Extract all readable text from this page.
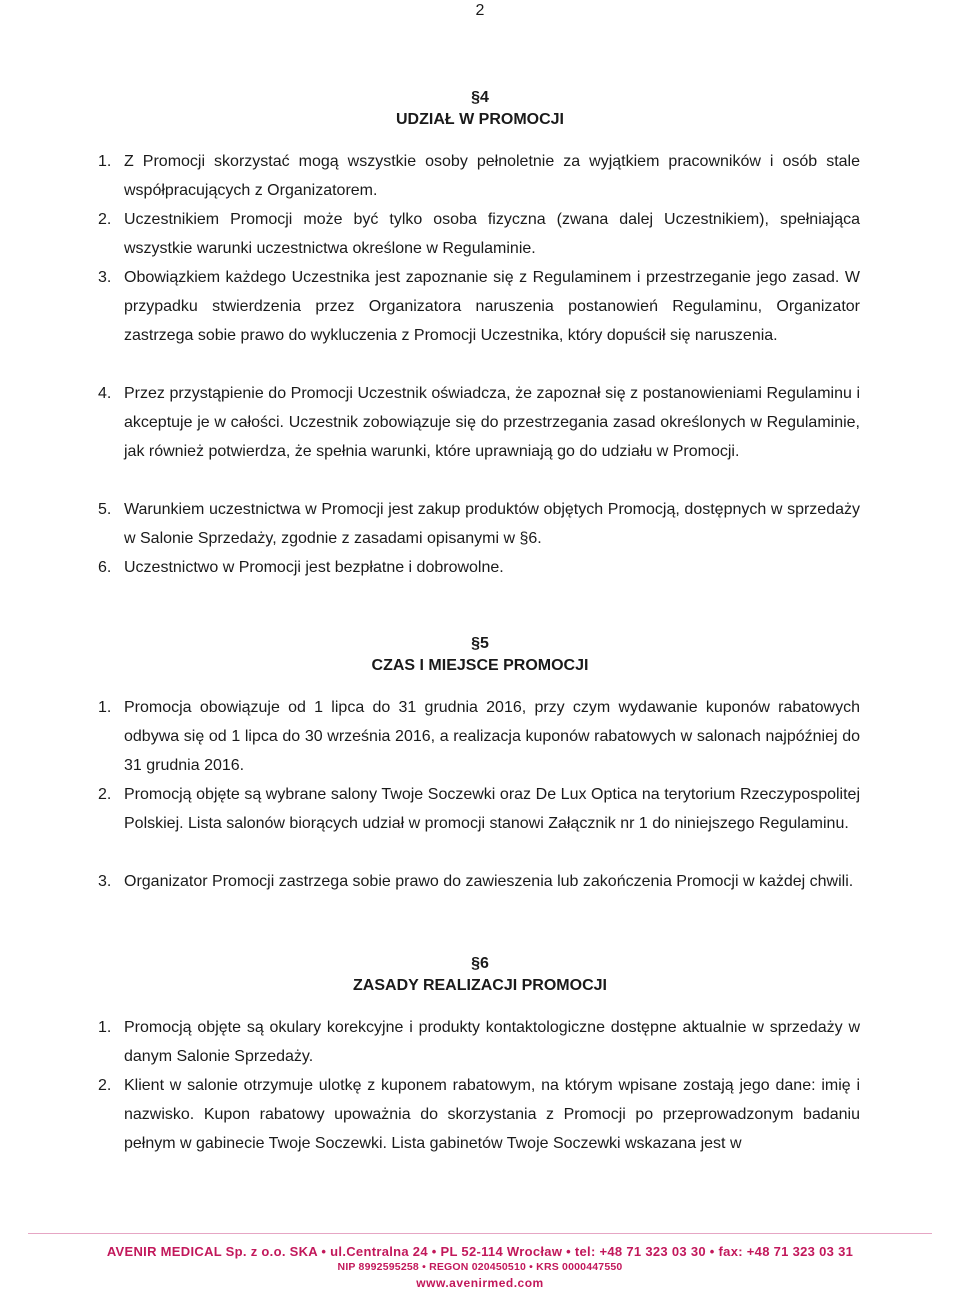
2
§4
UDZIAŁ W PROMOCJI
1. Z Promocji skorzystać mogą wszystkie osoby pełnoletnie za wyjątkiem pracowników i osób stale współpracujących z Organizatorem.
2. Uczestnikiem Promocji może być tylko osoba fizyczna (zwana dalej Uczestnikiem), spełniająca wszystkie warunki uczestnictwa określone w Regulaminie.
3. Obowiązkiem każdego Uczestnika jest zapoznanie się z Regulaminem i przestrzeganie jego zasad. W przypadku stwierdzenia przez Organizatora naruszenia postanowień Regulaminu, Organizator zastrzega sobie prawo do wykluczenia z Promocji Uczestnika, który dopuścił się naruszenia.
4. Przez przystąpienie do Promocji Uczestnik oświadcza, że zapoznał się z postanowieniami Regulaminu i akceptuje je w całości. Uczestnik zobowiązuje się do przestrzegania zasad określonych w Regulaminie, jak również potwierdza, że spełnia warunki, które uprawniają go do udziału w Promocji.
5. Warunkiem uczestnictwa w Promocji jest zakup produktów objętych Promocją, dostępnych w sprzedaży w Salonie Sprzedaży, zgodnie z zasadami opisanymi w §6.
6. Uczestnictwo w Promocji jest bezpłatne i dobrowolne.
§5
CZAS I MIEJSCE PROMOCJI
1. Promocja obowiązuje od 1 lipca do 31 grudnia 2016, przy czym wydawanie kuponów rabatowych odbywa się od 1 lipca do 30 września 2016, a realizacja kuponów rabatowych w salonach najpóźniej do 31 grudnia 2016.
2. Promocją objęte są wybrane salony Twoje Soczewki oraz De Lux Optica na terytorium Rzeczypospolitej Polskiej. Lista salonów biorących udział w promocji stanowi Załącznik nr 1 do niniejszego Regulaminu.
3. Organizator Promocji zastrzega sobie prawo do zawieszenia lub zakończenia Promocji w każdej chwili.
§6
ZASADY REALIZACJI PROMOCJI
1. Promocją objęte są okulary korekcyjne i produkty kontaktologiczne dostępne aktualnie w sprzedaży w danym Salonie Sprzedaży.
2. Klient w salonie otrzymuje ulotkę z kuponem rabatowym, na którym wpisane zostają jego dane: imię i nazwisko. Kupon rabatowy upoważnia do skorzystania z Promocji po przeprowadzonym badaniu pełnym w gabinecie Twoje Soczewki. Lista gabinetów Twoje Soczewki wskazana jest w
AVENIR MEDICAL Sp. z o.o. SKA • ul.Centralna 24 • PL 52-114 Wrocław • tel: +48 71 323 03 30 • fax: +48 71 323 03 31
NIP 8992595258 • REGON 020450510 • KRS 0000447550
www.avenirmed.com
